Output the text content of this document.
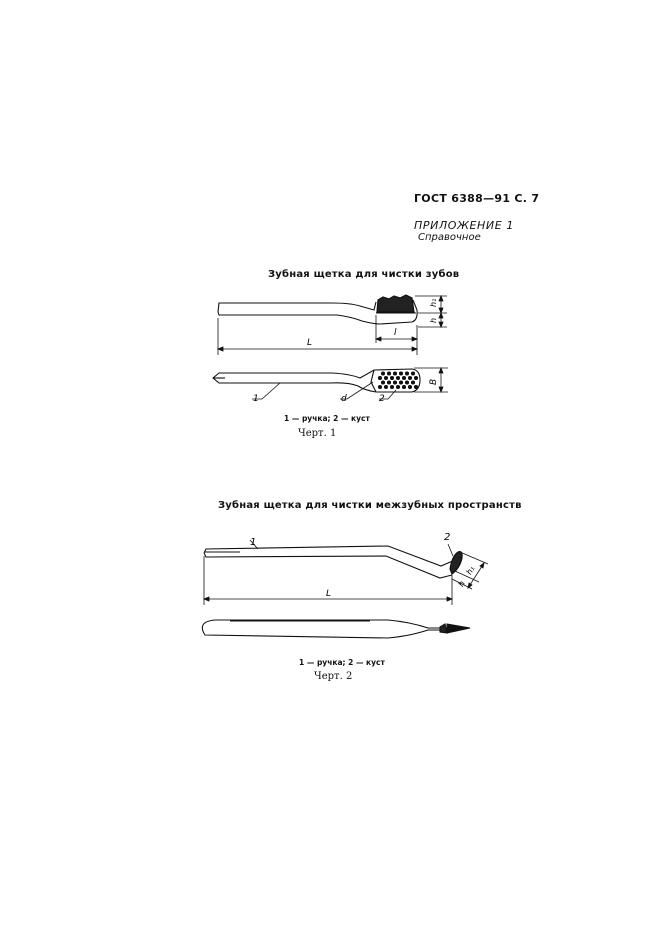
ГОСТ 6388—91 С. 7
ПРИЛОЖЕНИЕ 1
Справочное
Зубная щетка для чистки зубов
L
l
h₁
h
B
1	d	2
L
1	2
h₁
h
1 — ручка; 2 — куст
Черт. 1
Зубная щетка для чистки межзубных пространств
1 — ручка; 2 — куст
Черт. 2
